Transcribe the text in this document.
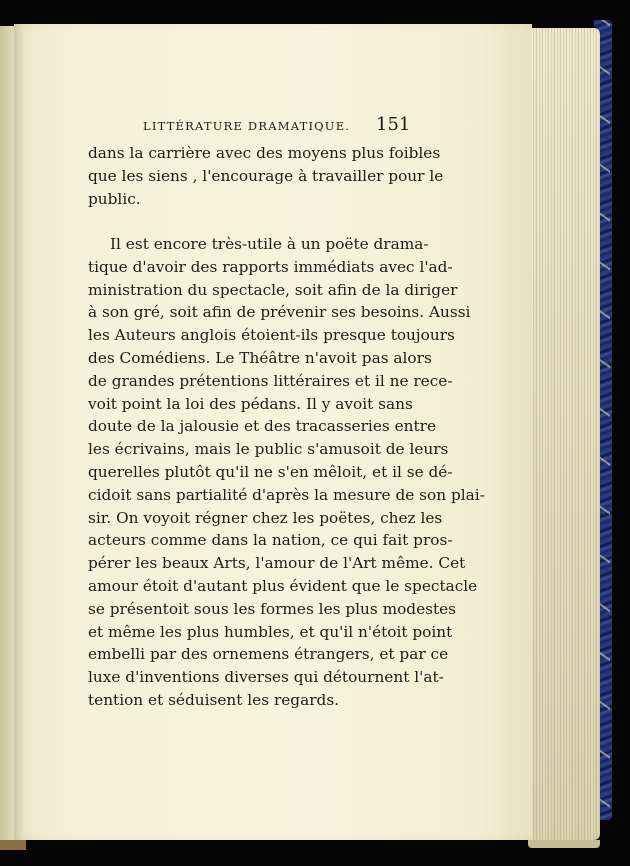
LITTÉRATURE DRAMATIQUE.	151
dans la carrière avec des moyens plus foibles
que les siens , l'encourage à travailler pour le
public.
Il est encore très-utile à un poëte drama-
tique d'avoir des rapports immédiats avec l'ad-
ministration du spectacle, soit afin de la diriger
à son gré, soit afin de prévenir ses besoins. Aussi
les Auteurs anglois étoient-ils presque toujours
des Comédiens. Le Théâtre n'avoit pas alors
de grandes prétentions littéraires et il ne rece-
voit point la loi des pédans. Il y avoit sans
doute de la jalousie et des tracasseries entre
les écrivains, mais le public s'amusoit de leurs
querelles plutôt qu'il ne s'en mêloit, et il se dé-
cidoit sans partialité d'après la mesure de son plai-
sir. On voyoit régner chez les poëtes, chez les
acteurs comme dans la nation, ce qui fait pros-
pérer les beaux Arts, l'amour de l'Art même. Cet
amour étoit d'autant plus évident que le spectacle
se présentoit sous les formes les plus modestes
et même les plus humbles, et qu'il n'étoit point
embelli par des ornemens étrangers, et par ce
luxe d'inventions diverses qui détournent l'at-
tention et séduisent les regards.
